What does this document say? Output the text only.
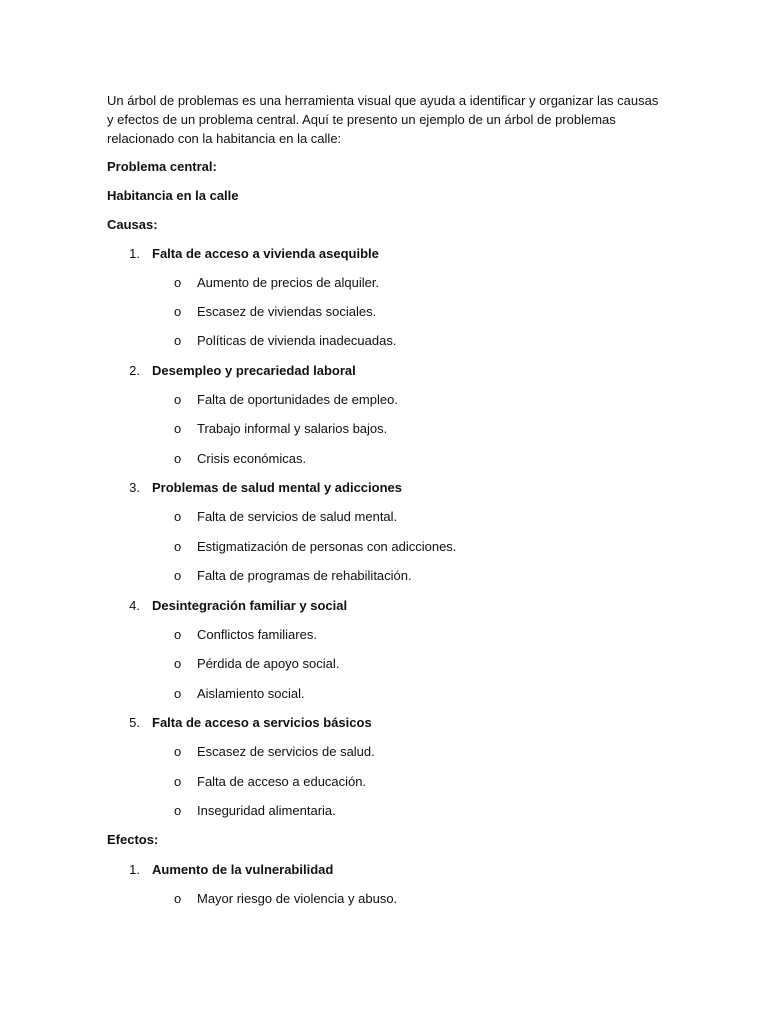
Un árbol de problemas es una herramienta visual que ayuda a identificar y organizar las causas y efectos de un problema central. Aquí te presento un ejemplo de un árbol de problemas relacionado con la habitancia en la calle:

Problema central:
Habitancia en la calle
Causas:
1. Falta de acceso a vivienda asequible
o Aumento de precios de alquiler.
o Escasez de viviendas sociales.
o Políticas de vivienda inadecuadas.
2. Desempleo y precariedad laboral
o Falta de oportunidades de empleo.
o Trabajo informal y salarios bajos.
o Crisis económicas.
3. Problemas de salud mental y adicciones
o Falta de servicios de salud mental.
o Estigmatización de personas con adicciones.
o Falta de programas de rehabilitación.
4. Desintegración familiar y social
o Conflictos familiares.
o Pérdida de apoyo social.
o Aislamiento social.
5. Falta de acceso a servicios básicos
o Escasez de servicios de salud.
o Falta de acceso a educación.
o Inseguridad alimentaria.
Efectos:
1. Aumento de la vulnerabilidad
o Mayor riesgo de violencia y abuso.
